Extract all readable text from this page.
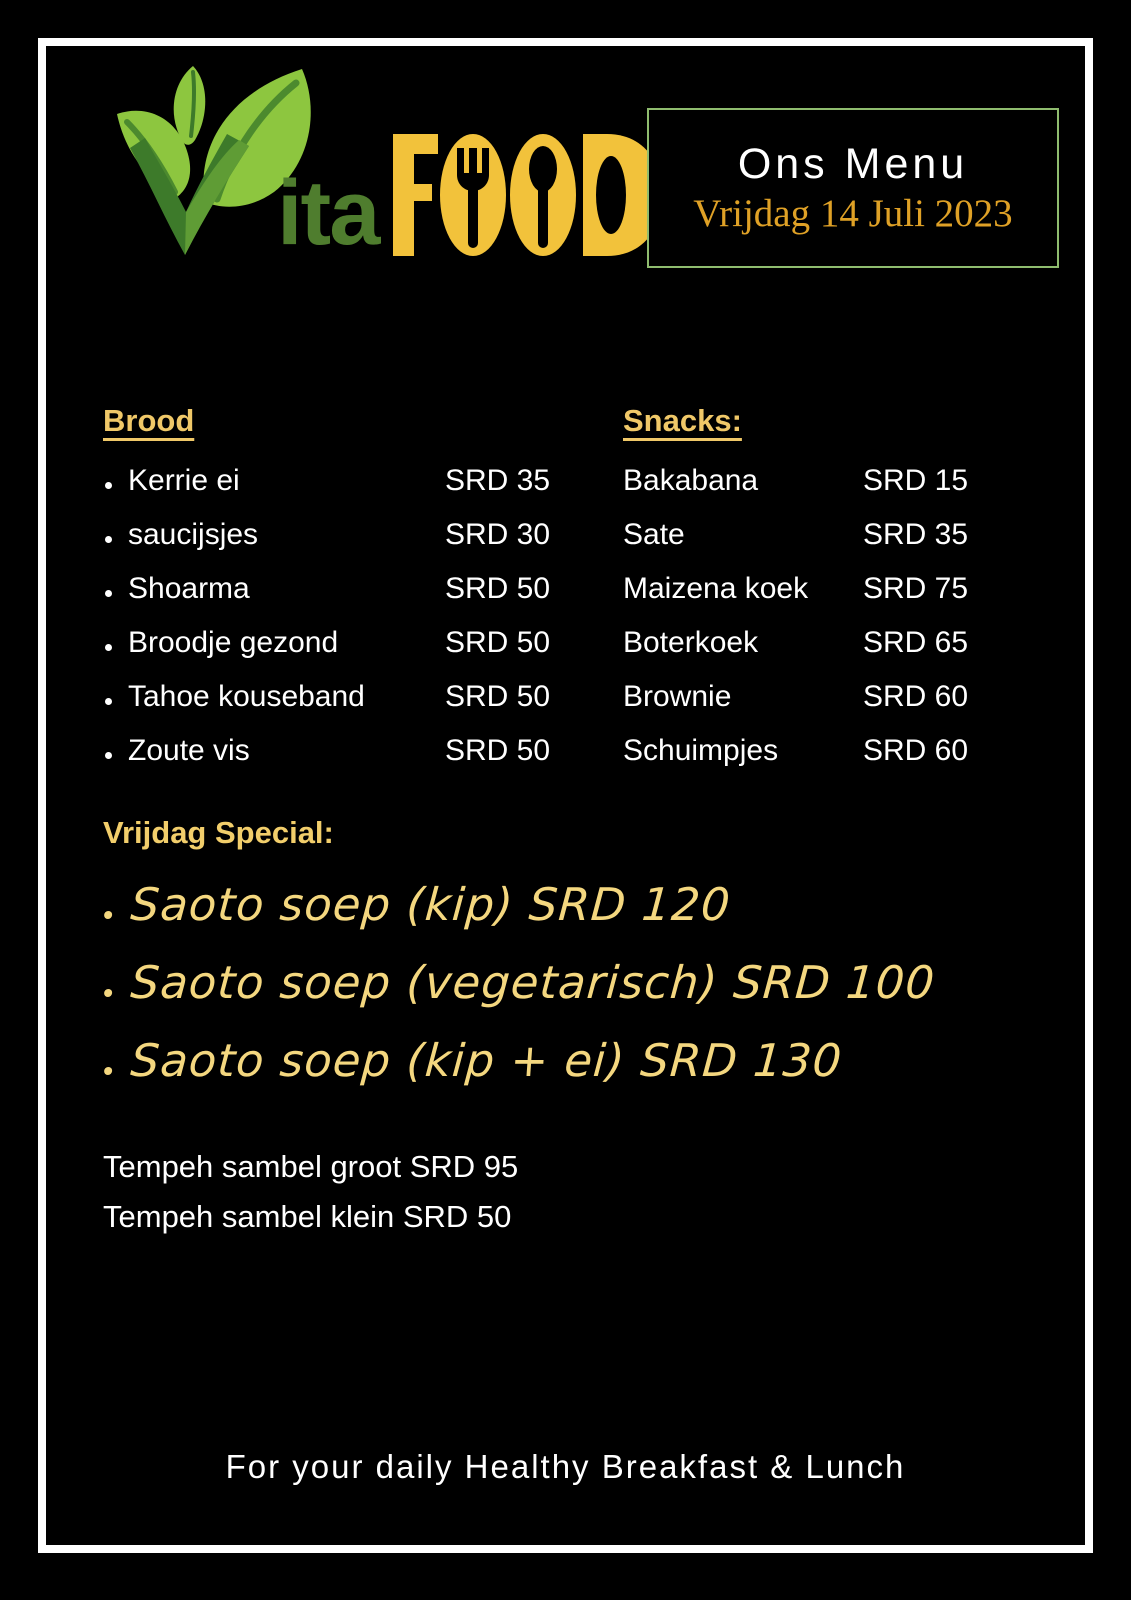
ita	Ons Menu
Vrijdag 14 Juli 2023
Brood
Kerrie ei	SRD 35
saucijsjes	SRD 30
Shoarma	SRD 50
Broodje gezond	SRD 50
Tahoe kouseband	SRD 50
Zoute vis	SRD 50
Snacks:
Bakabana	SRD 15
Sate	SRD 35
Maizena koek SRD 75
Boterkoek	SRD 65
Brownie	SRD 60
Schuimpjes	SRD 60
Vrijdag Special:
Saoto soep (kip) SRD 120
Saoto soep (vegetarisch) SRD 100
Saoto soep (kip + ei) SRD 130
Tempeh sambel groot SRD 95
Tempeh sambel klein SRD 50
For your daily Healthy Breakfast & Lunch
